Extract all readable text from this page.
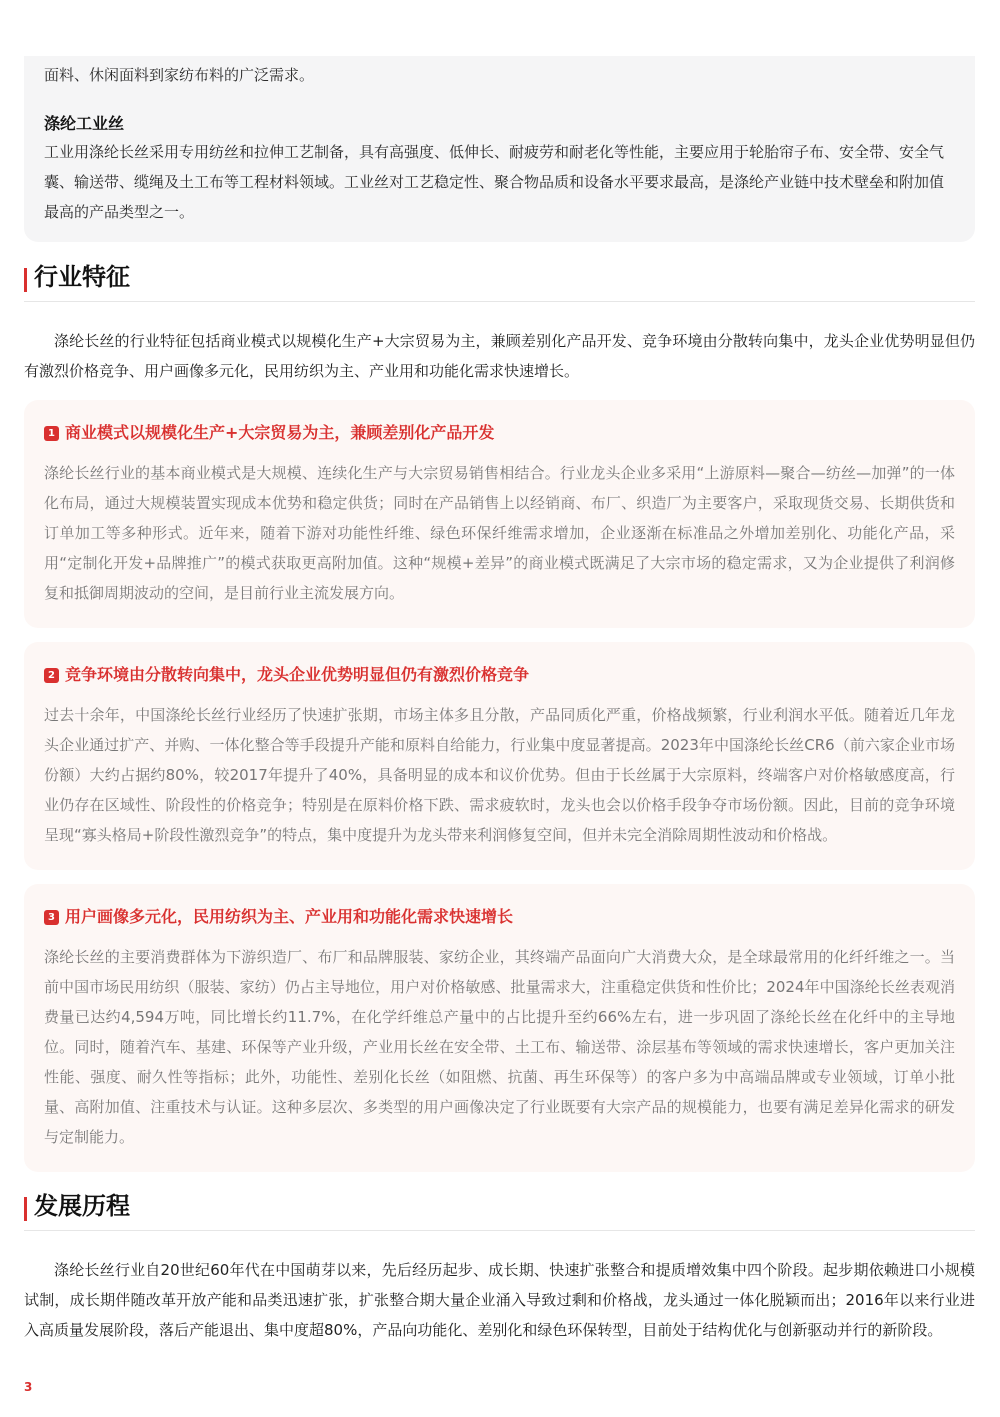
面料、休闲面料到家纺布料的广泛需求。

涤纶工业丝

工业用涤纶长丝采用专用纺丝和拉伸工艺制备，具有高强度、低伸长、耐疲劳和耐老化等性能，主要应用于轮胎帘子布、安全带、安全气囊、输送带、缆绳及土工布等工程材料领域。工业丝对工艺稳定性、聚合物品质和设备水平要求最高，是涤纶产业链中技术壁垒和附加值最高的产品类型之一。

行业特征

涤纶长丝的行业特征包括商业模式以规模化生产+大宗贸易为主，兼顾差别化产品开发、竞争环境由分散转向集中，龙头企业优势明显但仍有激烈价格竞争、用户画像多元化，民用纺织为主、产业用和功能化需求快速增长。

1 商业模式以规模化生产+大宗贸易为主，兼顾差别化产品开发
涤纶长丝行业的基本商业模式是大规模、连续化生产与大宗贸易销售相结合。行业龙头企业多采用“上游原料—聚合—纺丝—加弹”的一体化布局，通过大规模装置实现成本优势和稳定供货；同时在产品销售上以经销商、布厂、织造厂为主要客户，采取现货交易、长期供货和订单加工等多种形式。近年来，随着下游对功能性纤维、绿色环保纤维需求增加，企业逐渐在标准品之外增加差别化、功能化产品，采用“定制化开发+品牌推广”的模式获取更高附加值。这种“规模+差异”的商业模式既满足了大宗市场的稳定需求，又为企业提供了利润修复和抵御周期波动的空间，是目前行业主流发展方向。
2 竞争环境由分散转向集中，龙头企业优势明显但仍有激烈价格竞争
过去十余年，中国涤纶长丝行业经历了快速扩张期，市场主体多且分散，产品同质化严重，价格战频繁，行业利润水平低。随着近几年龙头企业通过扩产、并购、一体化整合等手段提升产能和原料自给能力，行业集中度显著提高。2023年中国涤纶长丝CR6（前六家企业市场份额）大约占据约80%，较2017年提升了40%，具备明显的成本和议价优势。但由于长丝属于大宗原料，终端客户对价格敏感度高，行业仍存在区域性、阶段性的价格竞争；特别是在原料价格下跌、需求疲软时，龙头也会以价格手段争夺市场份额。因此，目前的竞争环境呈现“寡头格局+阶段性激烈竞争”的特点，集中度提升为龙头带来利润修复空间，但并未完全消除周期性波动和价格战。
3 用户画像多元化，民用纺织为主、产业用和功能化需求快速增长
涤纶长丝的主要消费群体为下游织造厂、布厂和品牌服装、家纺企业，其终端产品面向广大消费大众，是全球最常用的化纤纤维之一。当前中国市场民用纺织（服装、家纺）仍占主导地位，用户对价格敏感、批量需求大，注重稳定供货和性价比；2024年中国涤纶长丝表观消费量已达约4,594万吨，同比增长约11.7%，在化学纤维总产量中的占比提升至约66%左右，进一步巩固了涤纶长丝在化纤中的主导地位。同时，随着汽车、基建、环保等产业升级，产业用长丝在安全带、土工布、输送带、涂层基布等领域的需求快速增长，客户更加关注性能、强度、耐久性等指标；此外，功能性、差别化长丝（如阻燃、抗菌、再生环保等）的客户多为中高端品牌或专业领域，订单小批量、高附加值、注重技术与认证。这种多层次、多类型的用户画像决定了行业既要有大宗产品的规模能力，也要有满足差异化需求的研发与定制能力。
发展历程

涤纶长丝行业自20世纪60年代在中国萌芽以来，先后经历起步、成长期、快速扩张整合和提质增效集中四个阶段。起步期依赖进口小规模试制，成长期伴随改革开放产能和品类迅速扩张，扩张整合期大量企业涌入导致过剩和价格战，龙头通过一体化脱颖而出；2016年以来行业进入高质量发展阶段，落后产能退出、集中度超80%，产品向功能化、差别化和绿色环保转型，目前处于结构优化与创新驱动并行的新阶段。

3
